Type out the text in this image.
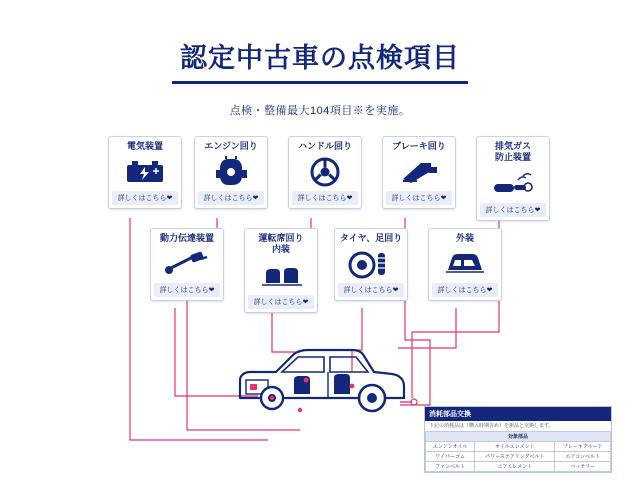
認定中古車の点検項目
点検・整備最大104項目※を実施。
電気装置
詳しくはこちら❤
エンジン回り
詳しくはこちら❤
ハンドル回り
詳しくはこちら❤
ブレーキ回り
詳しくはこちら❤
排気ガス
防止装置
詳しくはこちら❤
動力伝達装置
詳しくはこちら❤
運転席回り
内装
詳しくはこちら❤
タイヤ、足回り
詳しくはこちら❤
外装
詳しくはこちら❤
消耗部品交換
下記の消耗品は（購入時期含め）を新品と交換します。
対象部品		
エンジンオイル	オイルエレメント	ブレーキフルード
ワイパーゴム	パワーステアリングベルト	エアコンベルト
ファンベルト	エアエレメント	バッテリー
